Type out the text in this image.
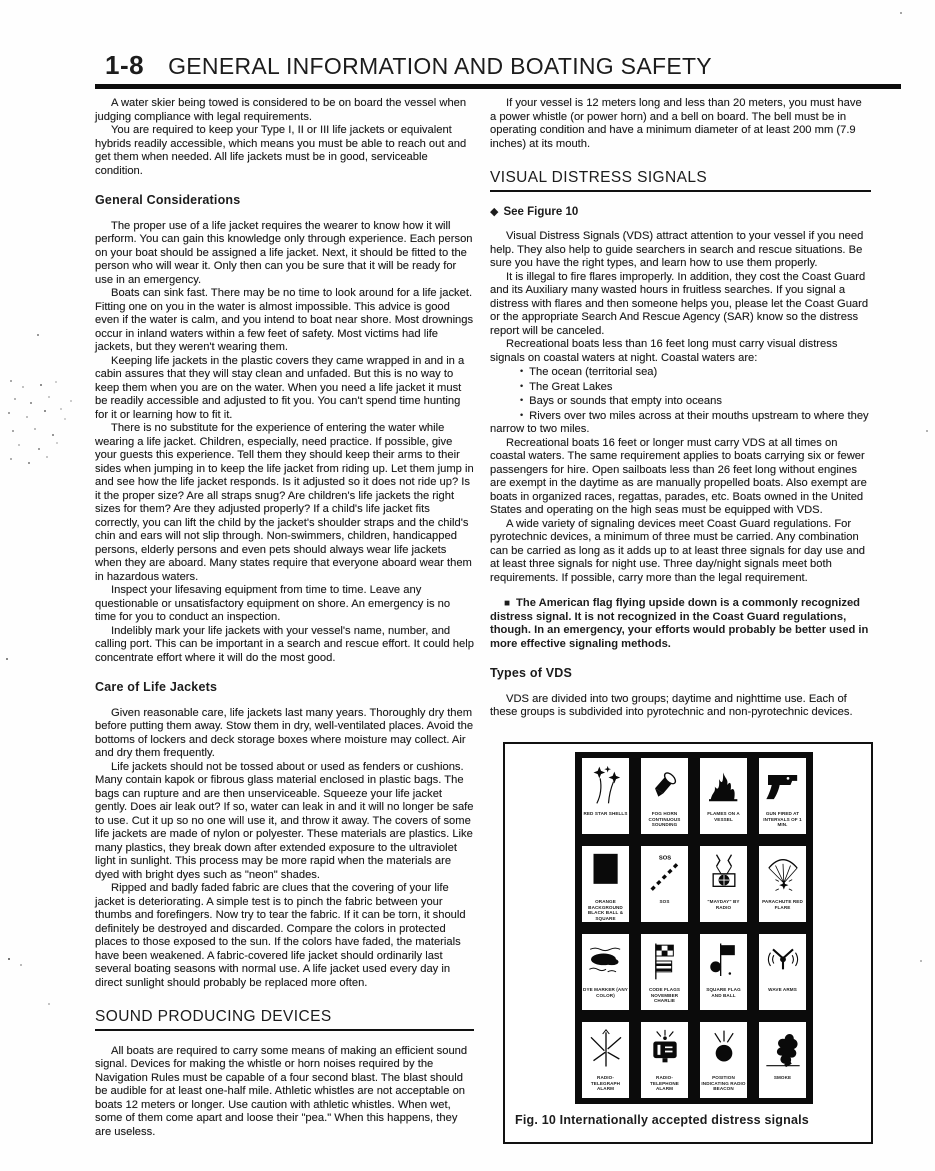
1-8 GENERAL INFORMATION AND BOATING SAFETY

A water skier being towed is considered to be on board the vessel when judging compliance with legal requirements.

You are required to keep your Type I, II or III life jackets or equivalent hybrids readily accessible, which means you must be able to reach out and get them when needed. All life jackets must be in good, serviceable condition.

General Considerations

The proper use of a life jacket requires the wearer to know how it will perform. You can gain this knowledge only through experience. Each person on your boat should be assigned a life jacket. Next, it should be fitted to the person who will wear it. Only then can you be sure that it will be ready for use in an emergency.

Boats can sink fast. There may be no time to look around for a life jacket. Fitting one on you in the water is almost impossible. This advice is good even if the water is calm, and you intend to boat near shore. Most drownings occur in inland waters within a few feet of safety. Most victims had life jackets, but they weren't wearing them.

Keeping life jackets in the plastic covers they came wrapped in and in a cabin assures that they will stay clean and unfaded. But this is no way to keep them when you are on the water. When you need a life jacket it must be readily accessible and adjusted to fit you. You can't spend time hunting for it or learning how to fit it.

There is no substitute for the experience of entering the water while wearing a life jacket. Children, especially, need practice. If possible, give your guests this experience. Tell them they should keep their arms to their sides when jumping in to keep the life jacket from riding up. Let them jump in and see how the life jacket responds. Is it adjusted so it does not ride up? Is it the proper size? Are all straps snug? Are children's life jackets the right sizes for them? Are they adjusted properly? If a child's life jacket fits correctly, you can lift the child by the jacket's shoulder straps and the child's chin and ears will not slip through. Non-swimmers, children, handicapped persons, elderly persons and even pets should always wear life jackets when they are aboard. Many states require that everyone aboard wear them in hazardous waters.

Inspect your lifesaving equipment from time to time. Leave any questionable or unsatisfactory equipment on shore. An emergency is no time for you to conduct an inspection.

Indelibly mark your life jackets with your vessel's name, number, and calling port. This can be important in a search and rescue effort. It could help concentrate effort where it will do the most good.

Care of Life Jackets

Given reasonable care, life jackets last many years. Thoroughly dry them before putting them away. Stow them in dry, well-ventilated places. Avoid the bottoms of lockers and deck storage boxes where moisture may collect. Air and dry them frequently.

Life jackets should not be tossed about or used as fenders or cushions. Many contain kapok or fibrous glass material enclosed in plastic bags. The bags can rupture and are then unserviceable. Squeeze your life jacket gently. Does air leak out? If so, water can leak in and it will no longer be safe to use. Cut it up so no one will use it, and throw it away. The covers of some life jackets are made of nylon or polyester. These materials are plastics. Like many plastics, they break down after extended exposure to the ultraviolet light in sunlight. This process may be more rapid when the materials are dyed with bright dyes such as "neon" shades.

Ripped and badly faded fabric are clues that the covering of your life jacket is deteriorating. A simple test is to pinch the fabric between your thumbs and forefingers. Now try to tear the fabric. If it can be torn, it should definitely be destroyed and discarded. Compare the colors in protected places to those exposed to the sun. If the colors have faded, the materials have been weakened. A fabric-covered life jacket should ordinarily last several boating seasons with normal use. A life jacket used every day in direct sunlight should probably be replaced more often.

SOUND PRODUCING DEVICES

All boats are required to carry some means of making an efficient sound signal. Devices for making the whistle or horn noises required by the Navigation Rules must be capable of a four second blast. The blast should be audible for at least one-half mile. Athletic whistles are not acceptable on boats 12 meters or longer. Use caution with athletic whistles. When wet, some of them come apart and loose their "pea." When this happens, they are useless.

If your vessel is 12 meters long and less than 20 meters, you must have a power whistle (or power horn) and a bell on board. The bell must be in operating condition and have a minimum diameter of at least 200 mm (7.9 inches) at its mouth.

VISUAL DISTRESS SIGNALS

◆ See Figure 10

Visual Distress Signals (VDS) attract attention to your vessel if you need help. They also help to guide searchers in search and rescue situations. Be sure you have the right types, and learn how to use them properly.

It is illegal to fire flares improperly. In addition, they cost the Coast Guard and its Auxiliary many wasted hours in fruitless searches. If you signal a distress with flares and then someone helps you, please let the Coast Guard or the appropriate Search And Rescue Agency (SAR) know so the distress report will be canceled.

Recreational boats less than 16 feet long must carry visual distress signals on coastal waters at night. Coastal waters are:

• The ocean (territorial sea)

• The Great Lakes

• Bays or sounds that empty into oceans

• Rivers over two miles across at their mouths upstream to where they narrow to two miles.

Recreational boats 16 feet or longer must carry VDS at all times on coastal waters. The same requirement applies to boats carrying six or fewer passengers for hire. Open sailboats less than 26 feet long without engines are exempt in the daytime as are manually propelled boats. Also exempt are boats in organized races, regattas, parades, etc. Boats owned in the United States and operating on the high seas must be equipped with VDS.

A wide variety of signaling devices meet Coast Guard regulations. For pyrotechnic devices, a minimum of three must be carried. Any combination can be carried as long as it adds up to at least three signals for day use and at least three signals for night use. Three day/night signals meet both requirements. If possible, carry more than the legal requirement.

■ The American flag flying upside down is a commonly recognized distress signal. It is not recognized in the Coast Guard regulations, though. In an emergency, your efforts would probably be better used in more effective signaling methods.

Types of VDS

VDS are divided into two groups; daytime and nighttime use. Each of these groups is subdivided into pyrotechnic and non-pyrotechnic devices.

RED STAR SHELLS	FOG HORN CONTINUOUS SOUNDING
FLAMES ON A VESSEL
GUN FIRED AT INTERVALS OF 1 MIN.
ORANGE BACKGROUND BLACK BALL & SQUARE
SOS
SOS	"MAYDAY" BY RADIO
PARACHUTE RED FLARE
DYE MARKER (ANY COLOR)
CODE FLAGS NOVEMBER CHARLIE
SQUARE FLAG AND BALL
WAVE ARMS
RADIO-TELEGRAPH ALARM
RADIO-TELEPHONE ALARM
POSITION INDICATING RADIO BEACON
SMOKE
Fig. 10 Internationally accepted distress signals
